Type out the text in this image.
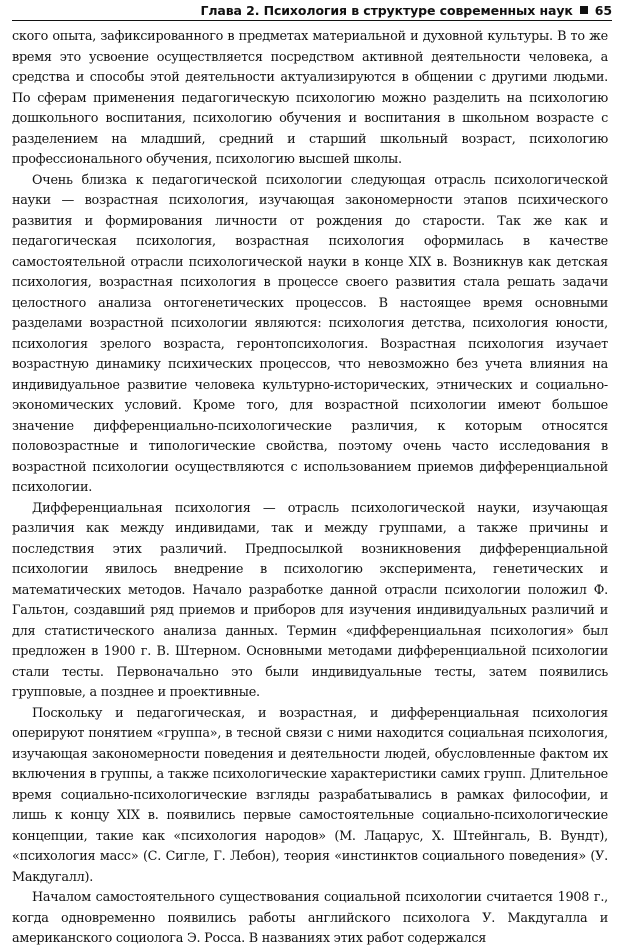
Глава 2. Психология в структуре современных наук 65

ского опыта, зафиксированного в предметах материальной и духовной культуры. В то же время это усвоение осуществляется посредством активной деятельности человека, а средства и способы этой деятельности актуализируются в общении с другими людьми. По сферам применения педагогическую психологию можно разделить на психологию дошкольного воспитания, психологию обучения и воспитания в школьном возрасте с разделением на младший, средний и старший школьный возраст, психологию профессионального обучения, психологию высшей школы.

Очень близка к педагогической психологии следующая отрасль психологической науки — возрастная психология, изучающая закономерности этапов психического развития и формирования личности от рождения до старости. Так же как и педагогическая психология, возрастная психология оформилась в качестве самостоятельной отрасли психологической науки в конце XIX в. Возникнув как детская психология, возрастная психология в процессе своего развития стала решать задачи целостного анализа онтогенетических процессов. В настоящее время основными разделами возрастной психологии являются: психология детства, психология юности, психология зрелого возраста, геронтопсихология. Возрастная психология изучает возрастную динамику психических процессов, что невозможно без учета влияния на индивидуальное развитие человека культурно-исторических, этнических и социально-экономических условий. Кроме того, для возрастной психологии имеют большое значение дифференциально-психологические различия, к которым относятся половозрастные и типологические свойства, поэтому очень часто исследования в возрастной психологии осуществляются с использованием приемов дифференциальной психологии.

Дифференциальная психология — отрасль психологической науки, изучающая различия как между индивидами, так и между группами, а также причины и последствия этих различий. Предпосылкой возникновения дифференциальной психологии явилось внедрение в психологию эксперимента, генетических и математических методов. Начало разработке данной отрасли психологии положил Ф. Гальтон, создавший ряд приемов и приборов для изучения индивидуальных различий и для статистического анализа данных. Термин «дифференциальная психология» был предложен в 1900 г. В. Штерном. Основными методами дифференциальной психологии стали тесты. Первоначально это были индивидуальные тесты, затем появились групповые, а позднее и проективные.

Поскольку и педагогическая, и возрастная, и дифференциальная психология оперируют понятием «группа», в тесной связи с ними находится социальная психология, изучающая закономерности поведения и деятельности людей, обусловленные фактом их включения в группы, а также психологические характеристики самих групп. Длительное время социально-психологические взгляды разрабатывались в рамках философии, и лишь к концу XIX в. появились первые самостоятельные социально-психологические концепции, такие как «психология народов» (М. Лацарус, Х. Штейнгаль, В. Вундт), «психология масс» (С. Сигле, Г. Лебон), теория «инстинктов социального поведения» (У. Макдугалл).

Началом самостоятельного существования социальной психологии считается 1908 г., когда одновременно появились работы английского психолога У. Макдугалла и американского социолога Э. Росса. В названиях этих работ содержался
